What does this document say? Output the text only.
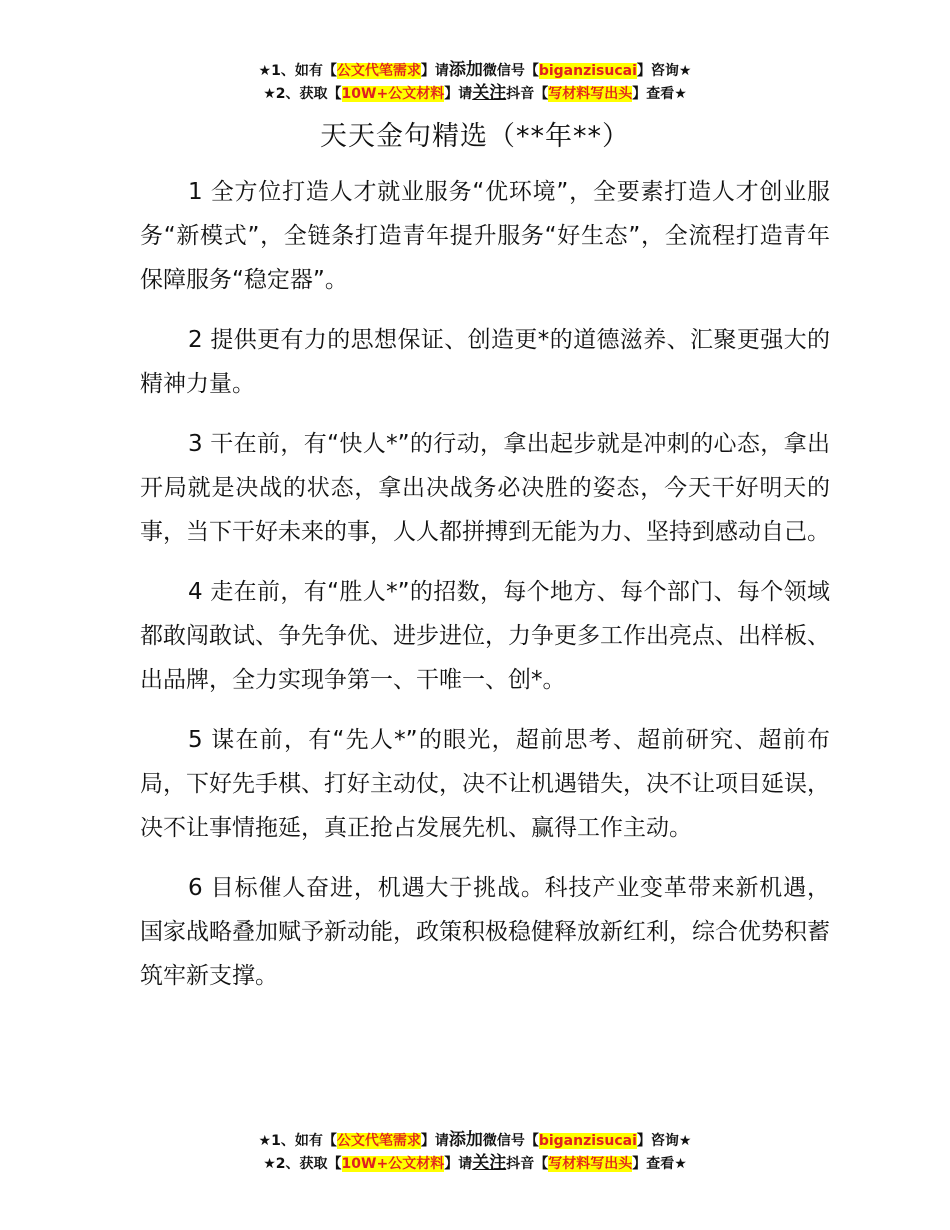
★1、如有【公文代笔需求】请添加微信号【biganzisucai】咨询★
★2、获取【10W+公文材料】请关注抖音【写材料写出头】查看★
天天金句精选（**年**）

1 全方位打造人才就业服务“优环境”，全要素打造人才创业服务“新模式”，全链条打造青年提升服务“好生态”，全流程打造青年保障服务“稳定器”。

2 提供更有力的思想保证、创造更*的道德滋养、汇聚更强大的精神力量。

3 干在前，有“快人*”的行动，拿出起步就是冲刺的心态，拿出开局就是决战的状态，拿出决战务必决胜的姿态，今天干好明天的事，当下干好未来的事，人人都拼搏到无能为力、坚持到感动自己。

4 走在前，有“胜人*”的招数，每个地方、每个部门、每个领域都敢闯敢试、争先争优、进步进位，力争更多工作出亮点、出样板、出品牌，全力实现争第一、干唯一、创*。

5 谋在前，有“先人*”的眼光，超前思考、超前研究、超前布局，下好先手棋、打好主动仗，决不让机遇错失，决不让项目延误，决不让事情拖延，真正抢占发展先机、赢得工作主动。

6 目标催人奋进，机遇大于挑战。科技产业变革带来新机遇，国家战略叠加赋予新动能，政策积极稳健释放新红利，综合优势积蓄筑牢新支撑。

★1、如有【公文代笔需求】请添加微信号【biganzisucai】咨询★
★2、获取【10W+公文材料】请关注抖音【写材料写出头】查看★
